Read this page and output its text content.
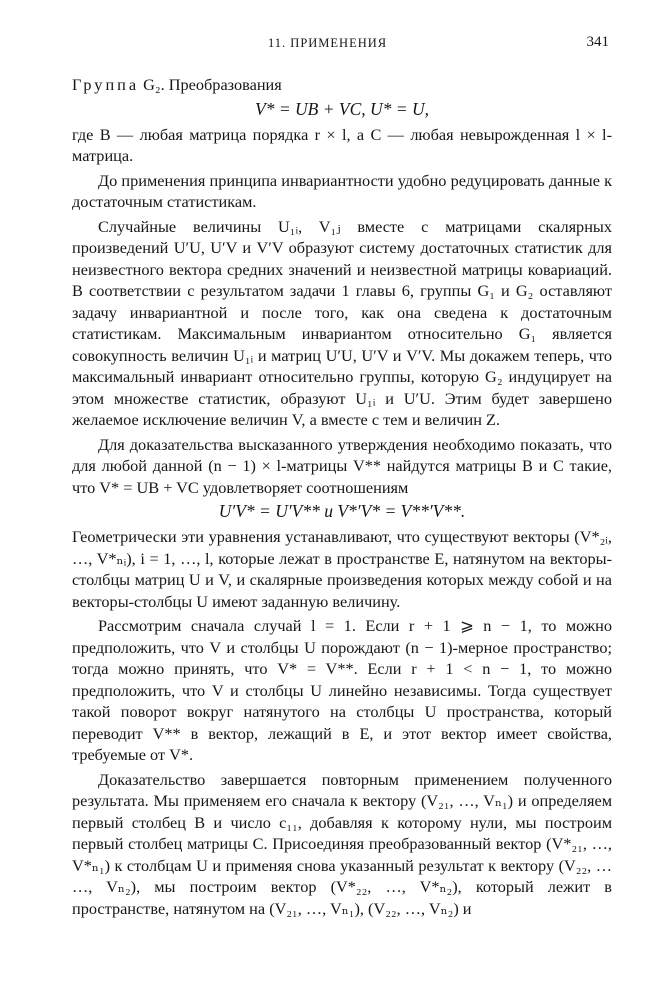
11. ПРИМЕНЕНИЯ	341

Группа G₂. Преобразования

V* = UB + VC, U* = U,

где B — любая матрица порядка r × l, а C — любая невырожденная l × l-матрица.

До применения принципа инвариантности удобно редуцировать данные к достаточным статистикам.

Случайные величины U₁ᵢ, V₁ⱼ вместе с матрицами скалярных произведений U′U, U′V и V′V образуют систему достаточных статистик для неизвестного вектора средних значений и неизвестной матрицы ковариаций. В соответствии с результатом задачи 1 главы 6, группы G₁ и G₂ оставляют задачу инвариантной и после того, как она сведена к достаточным статистикам. Максимальным инвариантом относительно G₁ является совокупность величин U₁ᵢ и матриц U′U, U′V и V′V. Мы докажем теперь, что максимальный инвариант относительно группы, которую G₂ индуцирует на этом множестве статистик, образуют U₁ᵢ и U′U. Этим будет завершено желаемое исключение величин V, а вместе с тем и величин Z.

Для доказательства высказанного утверждения необходимо показать, что для любой данной (n − 1) × l-матрицы V** найдутся матрицы B и C такие, что V* = UB + VC удовлетворяет соотношениям

U′V* = U′V** и V*′V* = V**′V**.

Геометрически эти уравнения устанавливают, что существуют векторы (V*₂ᵢ, …, V*ₙᵢ), i = 1, …, l, которые лежат в пространстве E, натянутом на векторы-столбцы матриц U и V, и скалярные произведения которых между собой и на векторы-столбцы U имеют заданную величину.

Рассмотрим сначала случай l = 1. Если r + 1 ⩾ n − 1, то можно предположить, что V и столбцы U порождают (n − 1)-мерное пространство; тогда можно принять, что V* = V**. Если r + 1 < n − 1, то можно предположить, что V и столбцы U линейно независимы. Тогда существует такой поворот вокруг натянутого на столбцы U пространства, который переводит V** в вектор, лежащий в E, и этот вектор имеет свойства, требуемые от V*.

Доказательство завершается повторным применением полученного результата. Мы применяем его сначала к вектору (V₂₁, …, Vₙ₁) и определяем первый столбец B и число c₁₁, добавляя к которому нули, мы построим первый столбец матрицы C. Присоединяя преобразованный вектор (V*₂₁, …, V*ₙ₁) к столбцам U и применяя снова указанный результат к вектору (V₂₂, … …, Vₙ₂), мы построим вектор (V*₂₂, …, V*ₙ₂), который лежит в пространстве, натянутом на (V₂₁, …, Vₙ₁), (V₂₂, …, Vₙ₂) и
